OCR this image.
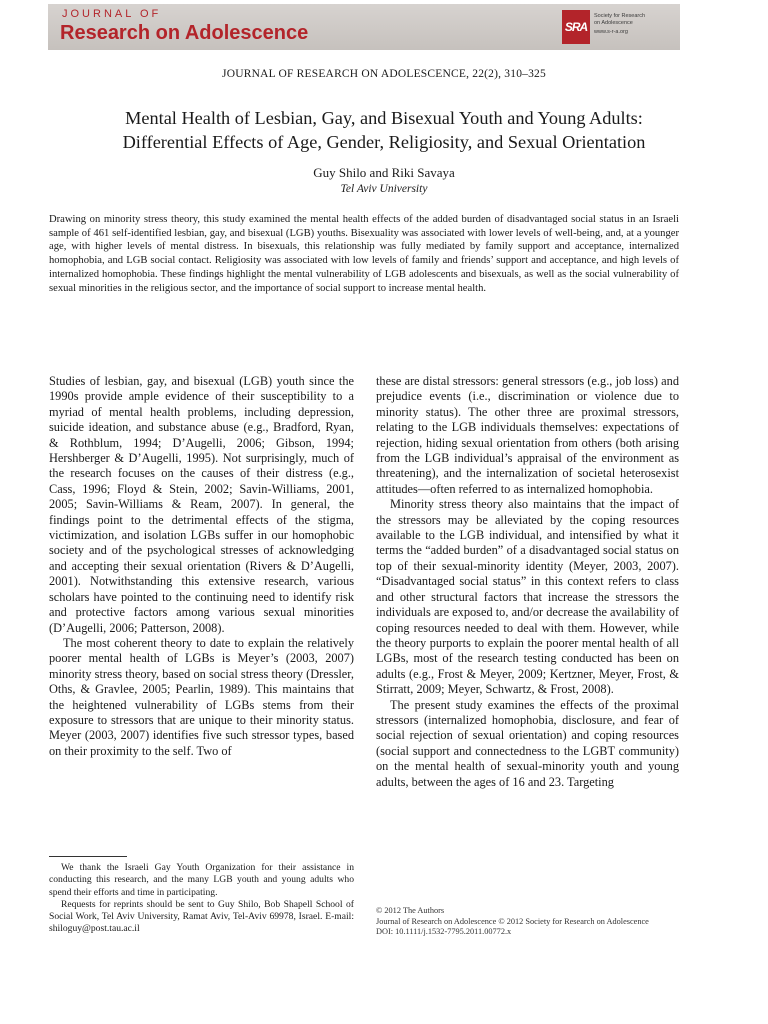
JOURNAL OF
Research on Adolescence	SRA
Society for Research
on Adolescence
www.s-r-a.org
JOURNAL OF RESEARCH ON ADOLESCENCE, 22(2), 310–325
Mental Health of Lesbian, Gay, and Bisexual Youth and Young Adults:
Differential Effects of Age, Gender, Religiosity, and Sexual Orientation
Guy Shilo and Riki Savaya
Tel Aviv University
Drawing on minority stress theory, this study examined the mental health effects of the added burden of disadvantaged social status in an Israeli sample of 461 self-identified lesbian, gay, and bisexual (LGB) youths. Bisexuality was associated with lower levels of well-being, and, at a younger age, with higher levels of mental distress. In bisexuals, this relationship was fully mediated by family support and acceptance, internalized homophobia, and LGB social contact. Religiosity was associated with low levels of family and friends’ support and acceptance, and high levels of internalized homophobia. These findings highlight the mental vulnerability of LGB adolescents and bisexuals, as well as the social vulnerability of sexual minorities in the religious sector, and the importance of social support to increase mental health.

Studies of lesbian, gay, and bisexual (LGB) youth since the 1990s provide ample evidence of their susceptibility to a myriad of mental health problems, including depression, suicide ideation, and substance abuse (e.g., Bradford, Ryan, & Rothblum, 1994; D’Augelli, 2006; Gibson, 1994; Hershberger & D’Augelli, 1995). Not surprisingly, much of the research focuses on the causes of their distress (e.g., Cass, 1996; Floyd & Stein, 2002; Savin-Williams, 2001, 2005; Savin-Williams & Ream, 2007). In general, the findings point to the detrimental effects of the stigma, victimization, and isolation LGBs suffer in our homophobic society and of the psychological stresses of acknowledging and accepting their sexual orientation (Rivers & D’Augelli, 2001). Notwithstanding this extensive research, various scholars have pointed to the continuing need to identify risk and protective factors among various sexual minorities (D’Augelli, 2006; Patterson, 2008).

The most coherent theory to date to explain the relatively poorer mental health of LGBs is Meyer’s (2003, 2007) minority stress theory, based on social stress theory (Dressler, Oths, & Gravlee, 2005; Pearlin, 1989). This maintains that the heightened vulnerability of LGBs stems from their exposure to stressors that are unique to their minority status. Meyer (2003, 2007) identifies five such stressor types, based on their proximity to the self. Two of

these are distal stressors: general stressors (e.g., job loss) and prejudice events (i.e., discrimination or violence due to minority status). The other three are proximal stressors, relating to the LGB individuals themselves: expectations of rejection, hiding sexual orientation from others (both arising from the LGB individual’s appraisal of the environment as threatening), and the internalization of societal heterosexist attitudes—often referred to as internalized homophobia.

Minority stress theory also maintains that the impact of the stressors may be alleviated by the coping resources available to the LGB individual, and intensified by what it terms the “added burden” of a disadvantaged social status on top of their sexual-minority identity (Meyer, 2003, 2007). “Disadvantaged social status” in this context refers to class and other structural factors that increase the stressors the individuals are exposed to, and/or decrease the availability of coping resources needed to deal with them. However, while the theory purports to explain the poorer mental health of all LGBs, most of the research testing conducted has been on adults (e.g., Frost & Meyer, 2009; Kertzner, Meyer, Frost, & Stirratt, 2009; Meyer, Schwartz, & Frost, 2008).

The present study examines the effects of the proximal stressors (internalized homophobia, disclosure, and fear of social rejection of sexual orientation) and coping resources (social support and connectedness to the LGBT community) on the mental health of sexual-minority youth and young adults, between the ages of 16 and 23. Targeting

We thank the Israeli Gay Youth Organization for their assistance in conducting this research, and the many LGB youth and young adults who spend their efforts and time in participating.

Requests for reprints should be sent to Guy Shilo, Bob Shapell School of Social Work, Tel Aviv University, Ramat Aviv, Tel-Aviv 69978, Israel. E-mail: shiloguy@post.tau.ac.il

© 2012 The Authors

Journal of Research on Adolescence © 2012 Society for Research on Adolescence

DOI: 10.1111/j.1532-7795.2011.00772.x
